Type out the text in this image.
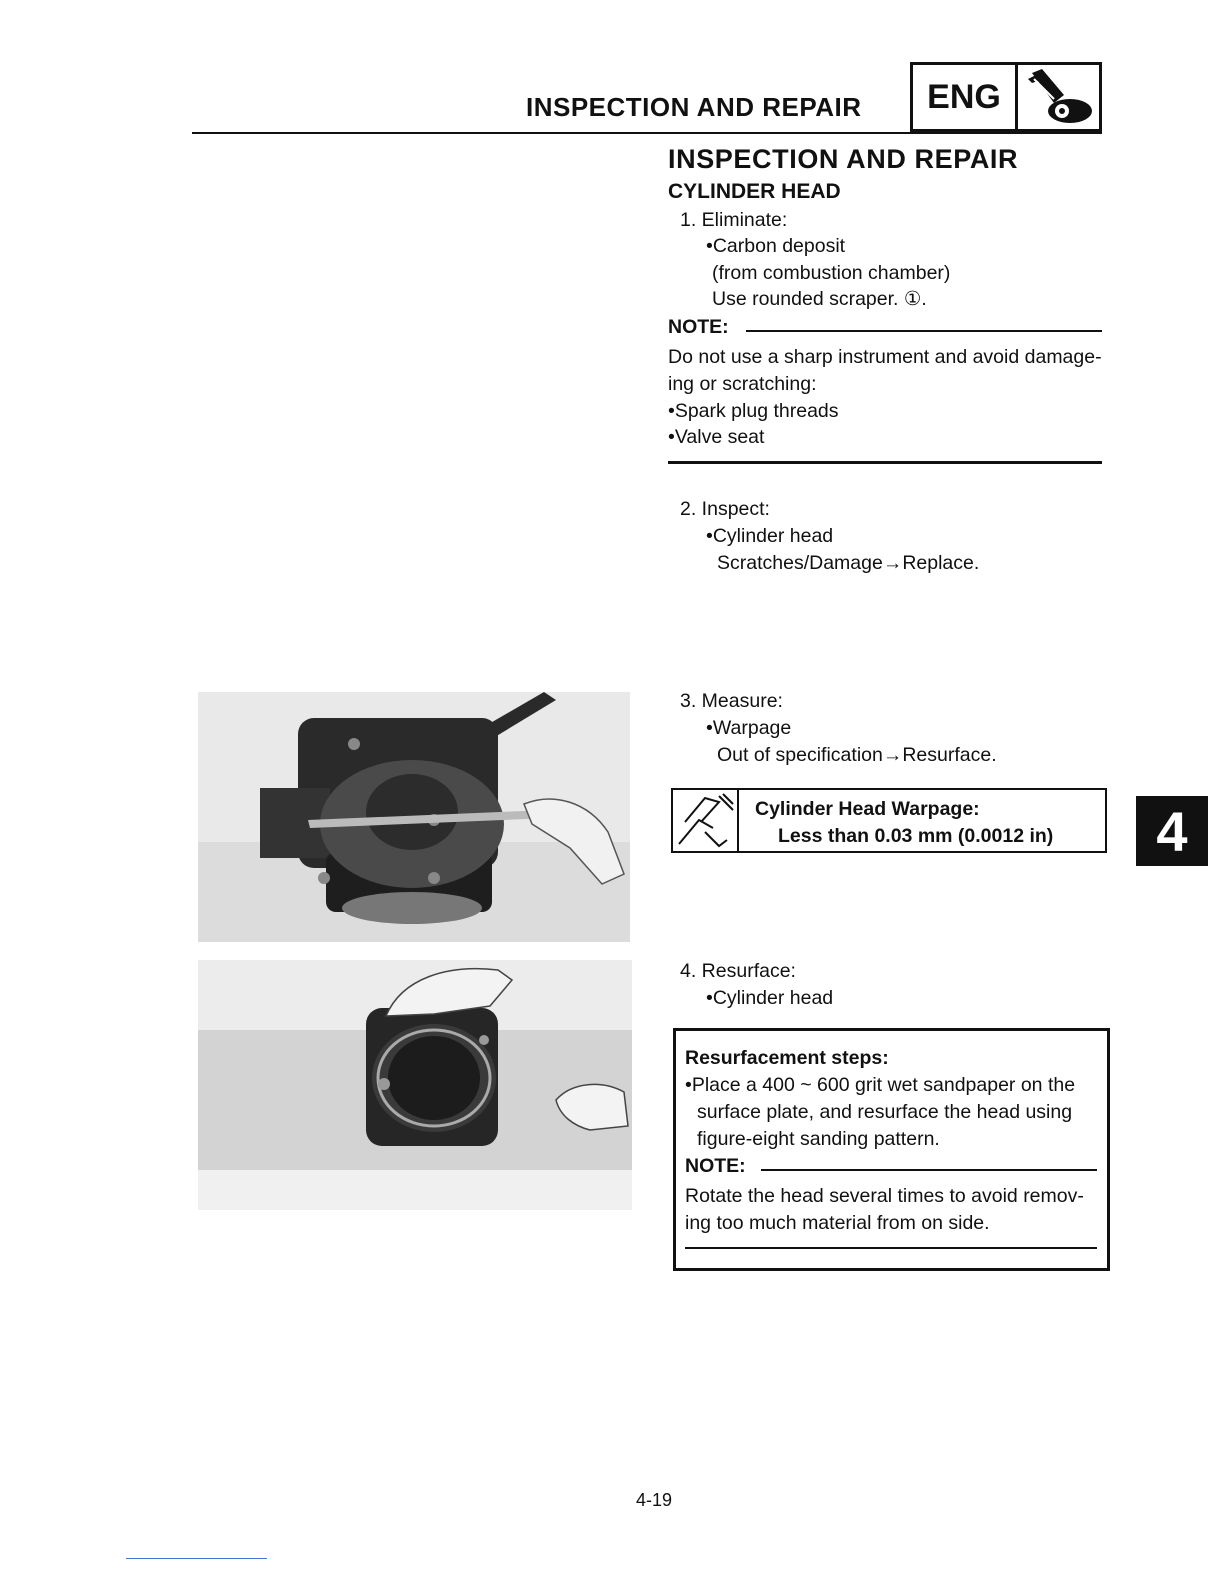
INSPECTION AND REPAIR	ENG
INSPECTION AND REPAIR
CYLINDER HEAD
1. Eliminate:
•Carbon deposit
(from combustion chamber)
Use rounded scraper. ①.
NOTE:
Do not use a sharp instrument and avoid damage-
ing or scratching:
•Spark plug threads
•Valve seat
2. Inspect:
•Cylinder head
Scratches/Damage→Replace.
3. Measure:
•Warpage
Out of specification→Resurface.
Cylinder Head Warpage:
Less than 0.03 mm (0.0012 in)	4
4. Resurface:
•Cylinder head
Resurfacement steps:
•Place a 400 ~ 600 grit wet sandpaper on the
surface plate, and resurface the head using
figure-eight sanding pattern.
NOTE:
Rotate the head several times to avoid remov-
ing too much material from on side.
4-19
